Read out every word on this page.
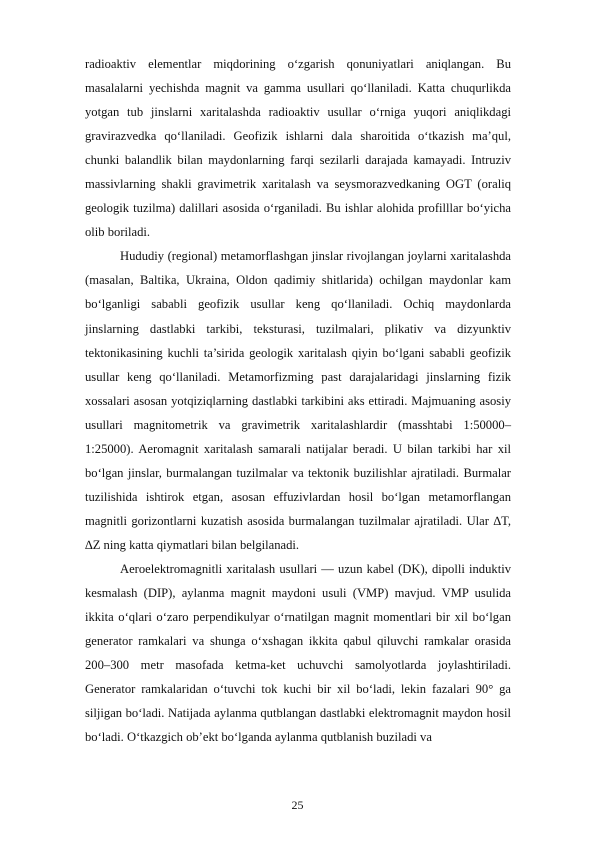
radioaktiv elementlar miqdorining o‘zgarish qonuniyatlari aniqlangan. Bu masalalarni yechishda magnit va gamma usullari qo‘llaniladi. Katta chuqurlikda yotgan tub jinslarni xaritalashda radioaktiv usullar o‘rniga yuqori aniqlikdagi gravirazvedka qo‘llaniladi. Geofizik ishlarni dala sharoitida o‘tkazish ma’qul, chunki balandlik bilan maydonlarning farqi sezilarli darajada kamayadi. Intruziv massivlarning shakli gravimetrik xaritalash va seysmorazvedkaning OGT (oraliq geologik tuzilma) dalillari asosida o‘rganiladi. Bu ishlar alohida profilllar bo‘yicha olib boriladi.

Hududiy (regional) metamorflashgan jinslar rivojlangan joylarni xaritalashda (masalan, Baltika, Ukraina, Oldon qadimiy shitlarida) ochilgan maydonlar kam bo‘lganligi sababli geofizik usullar keng qo‘llaniladi. Ochiq maydonlarda jinslarning dastlabki tarkibi, teksturasi, tuzilmalari, plikativ va dizyunktiv tektonikasining kuchli ta’sirida geologik xaritalash qiyin bo‘lgani sababli geofizik usullar keng qo‘llaniladi. Metamorfizming past darajalaridagi jinslarning fizik xossalari asosan yotqiziqlarning dastlabki tarkibini aks ettiradi. Majmuaning asosiy usullari magnitometrik va gravimetrik xaritalashlardir (masshtabi 1:50000–1:25000). Aeromagnit xaritalash samarali natijalar beradi. U bilan tarkibi har xil bo‘lgan jinslar, burmalangan tuzilmalar va tektonik buzilishlar ajratiladi. Burmalar tuzilishida ishtirok etgan, asosan effuzivlardan hosil bo‘lgan metamorflangan magnitli gorizontlarni kuzatish asosida burmalangan tuzilmalar ajratiladi. Ular ∆T, ∆Z ning katta qiymatlari bilan belgilanadi.

Aeroelektromagnitli xaritalash usullari — uzun kabel (DK), dipolli induktiv kesmalash (DIP), aylanma magnit maydoni usuli (VMP) mavjud. VMP usulida ikkita o‘qlari o‘zaro perpendikulyar o‘rnatilgan magnit momentlari bir xil bo‘lgan generator ramkalari va shunga o‘xshagan ikkita qabul qiluvchi ramkalar orasida 200–300 metr masofada ketma-ket uchuvchi samolyotlarda joylashtiriladi. Generator ramkalaridan o‘tuvchi tok kuchi bir xil bo‘ladi, lekin fazalari 90° ga siljigan bo‘ladi. Natijada aylanma qutblangan dastlabki elektromagnit maydon hosil bo‘ladi. O‘tkazgich ob’ekt bo‘lganda aylanma qutblanish buziladi va

25
